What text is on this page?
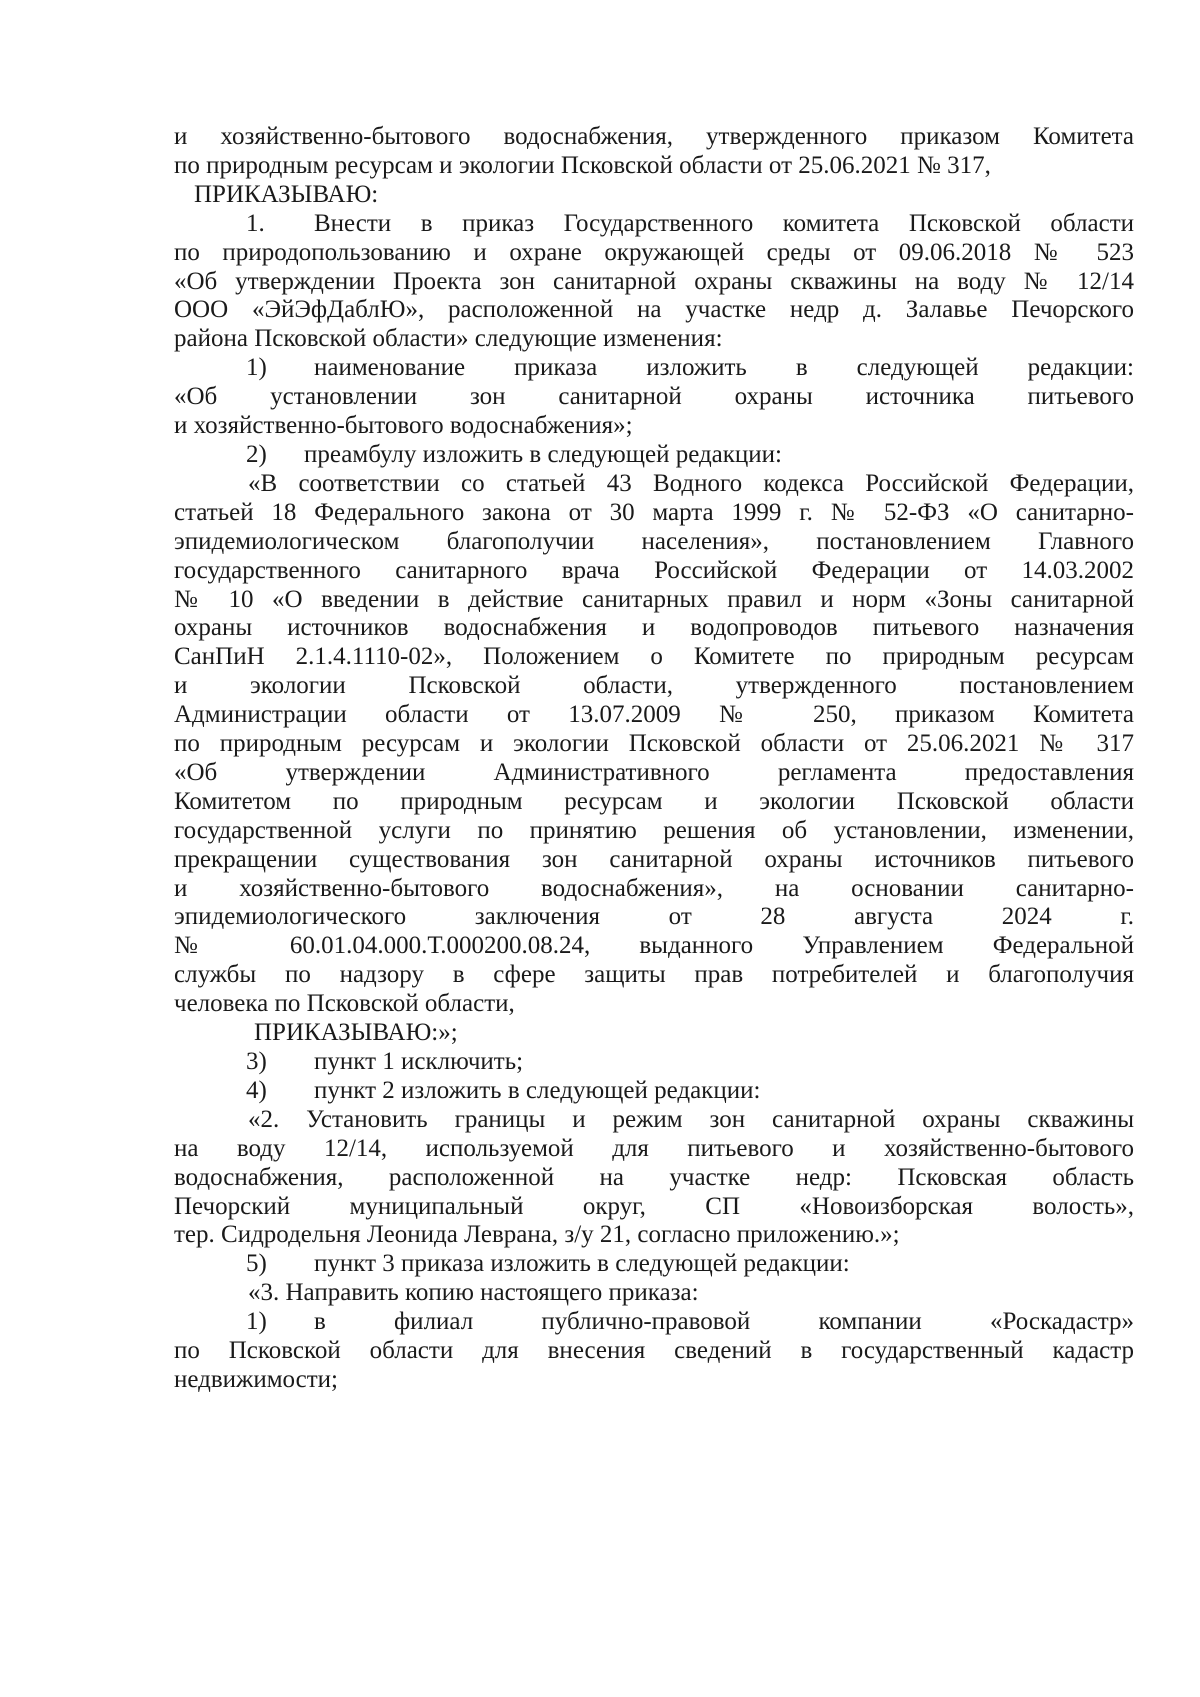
и хозяйственно-бытового водоснабжения, утвержденного приказом Комитета

по природным ресурсам и экологии Псковской области от 25.06.2021 № 317,

ПРИКАЗЫВАЮ:

1.	Внести в приказ Государственного комитета Псковской области

по природопользованию и охране окружающей среды от 09.06.2018 № 523

«Об утверждении Проекта зон санитарной охраны скважины на воду № 12/14

ООО «ЭйЭфДаблЮ», расположенной на участке недр д. Залавье Печорского

района Псковской области» следующие изменения:

1)	наименование приказа изложить в следующей редакции:

«Об установлении зон санитарной охраны источника питьевого

и хозяйственно-бытового водоснабжения»;

2)	преамбулу изложить в следующей редакции:

«В соответствии со статьей 43 Водного кодекса Российской Федерации,

статьей 18 Федерального закона от 30 марта 1999 г. № 52-ФЗ «О санитарно-

эпидемиологическом благополучии населения», постановлением Главного

государственного санитарного врача Российской Федерации от 14.03.2002

№ 10 «О введении в действие санитарных правил и норм «Зоны санитарной

охраны источников водоснабжения и водопроводов питьевого назначения

СанПиН 2.1.4.1110-02», Положением о Комитете по природным ресурсам

и экологии Псковской области, утвержденного постановлением

Администрации области от 13.07.2009 № 250, приказом Комитета

по природным ресурсам и экологии Псковской области от 25.06.2021 № 317

«Об утверждении Административного регламента предоставления

Комитетом по природным ресурсам и экологии Псковской области

государственной услуги по принятию решения об установлении, изменении,

прекращении существования зон санитарной охраны источников питьевого

и хозяйственно-бытового водоснабжения», на основании санитарно-

эпидемиологического заключения от 28 августа 2024 г.

№ 60.01.04.000.Т.000200.08.24, выданного Управлением Федеральной

службы по надзору в сфере защиты прав потребителей и благополучия

человека по Псковской области,

ПРИКАЗЫВАЮ:»;

3)	пункт 1 исключить;
4)	пункт 2 изложить в следующей редакции:

«2. Установить границы и режим зон санитарной охраны скважины

на воду 12/14, используемой для питьевого и хозяйственно-бытового

водоснабжения, расположенной на участке недр: Псковская область

Печорский муниципальный округ, СП «Новоизборская волость»,

тер. Сидродельня Леонида Леврана, з/у 21, согласно приложению.»;

5)	пункт 3 приказа изложить в следующей редакции:

«3. Направить копию настоящего приказа:

1)	в филиал публично-правовой компании «Роскадастр»

по Псковской области для внесения сведений в государственный кадастр

недвижимости;
